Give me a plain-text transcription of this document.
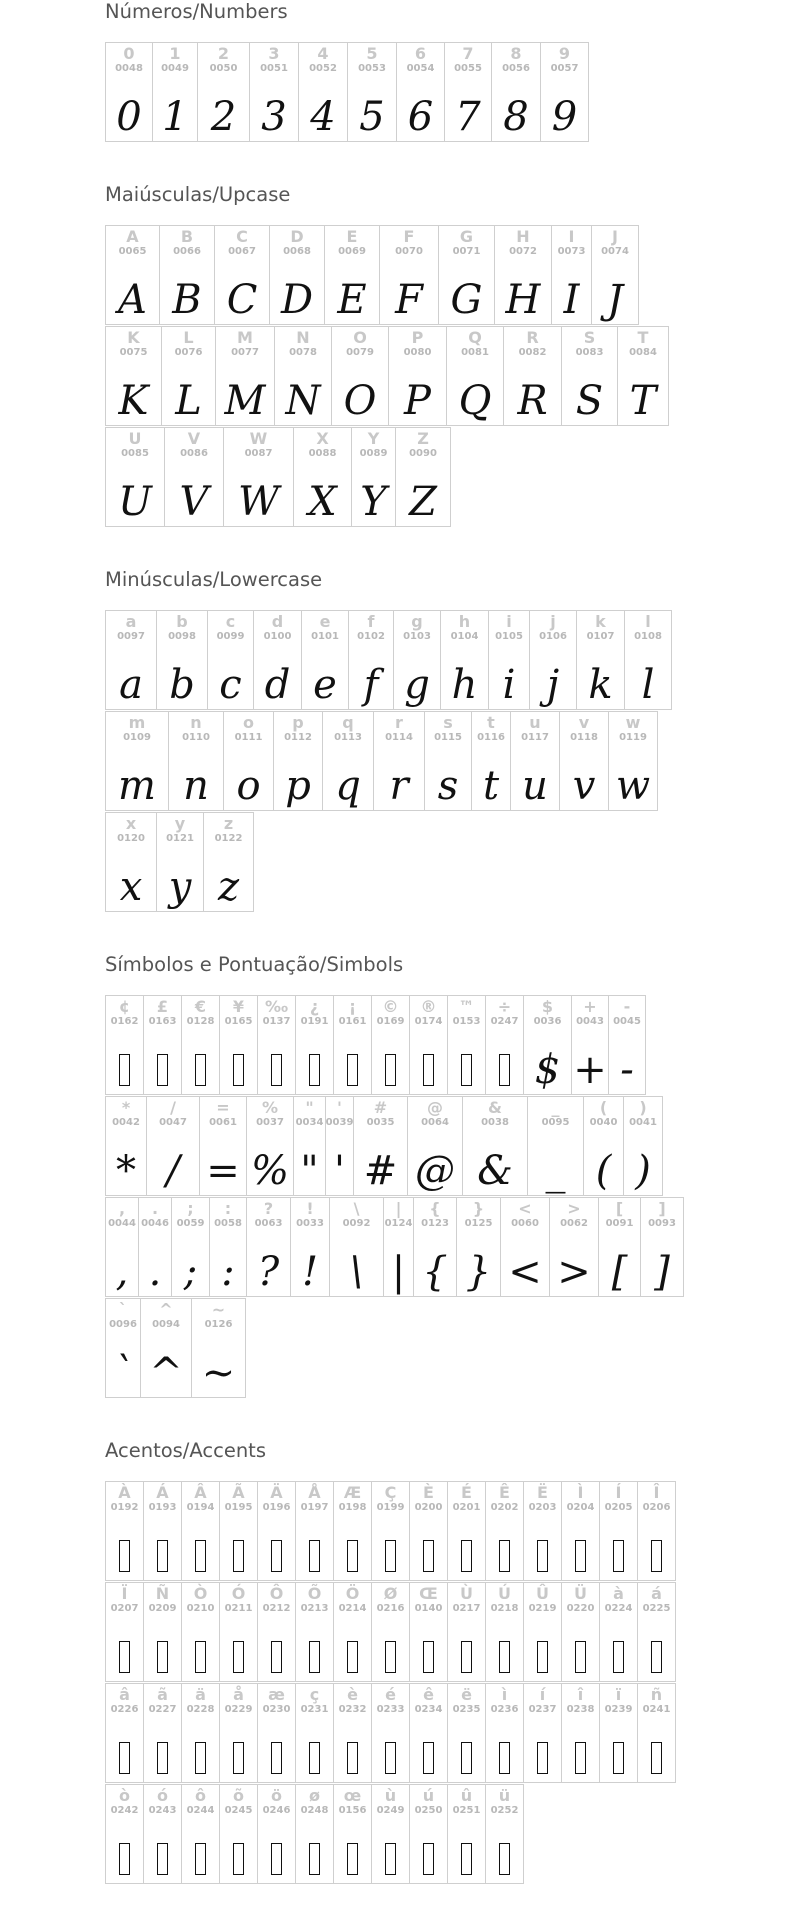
Números/Numbers
0
0048
0
1
0049
1
2
0050
2
3
0051
3
4
0052
4
5
0053
5
6
0054
6
7
0055
7
8
0056
8
9
0057
9
Maiúsculas/Upcase
A
0065
A
B
0066
B
C
0067
C
D
0068
D
E
0069
E
F
0070
F
G
0071
G
H
0072
H
I
0073
I
J
0074
J
K
0075
K
L
0076
L
M
0077
M
N
0078
N
O
0079
O
P
0080
P
Q
0081
Q
R
0082
R
S
0083
S
T
0084
T
U
0085
U
V
0086
V
W
0087
W
X
0088
X
Y
0089
Y
Z
0090
Z
Minúsculas/Lowercase
a
0097
a
b
0098
b
c
0099
c
d
0100
d
e
0101
e
f
0102
f
g
0103
g
h
0104
h
i
0105
i
j
0106
j
k
0107
k
l
0108
l
m
0109
m
n
0110
n
o
0111
o
p
0112
p
q
0113
q
r
0114
r
s
0115
s
t
0116
t
u
0117
u
v
0118
v
w
0119
w
x
0120
x
y
0121
y
z
0122
z
Símbolos e Pontuação/Simbols
¢
0162
£
0163
€
0128
¥
0165
‰
0137
¿
0191
¡
0161
©
0169
®
0174
™
0153
÷
0247
$
0036
$
+
0043
+
-
0045
-
*
0042
*
/
0047
/
=
0061
=
%
0037
%
"
0034
"
'
0039
'
#
0035
#
@
0064
@
&
0038
&
_
0095
_
(
0040
(
)
0041
)
,
0044
,
.
0046
.
;
0059
;
:
0058
:
?
0063
?
!
0033
!
\
0092
\
|
0124
|
{
0123
{
}
0125
}
<
0060
<
>
0062
>
[
0091
[
]
0093
]
`
0096
`
^
0094
^
~
0126
~
Acentos/Accents
À
0192
Á
0193
Â
0194
Ã
0195
Ä
0196
Å
0197
Æ
0198
Ç
0199
È
0200
É
0201
Ê
0202
Ë
0203
Ì
0204
Í
0205
Î
0206
Ï
0207
Ñ
0209
Ò
0210
Ó
0211
Ô
0212
Õ
0213
Ö
0214
Ø
0216
Œ
0140
Ù
0217
Ú
0218
Û
0219
Ü
0220
à
0224
á
0225
â
0226
ã
0227
ä
0228
å
0229
æ
0230
ç
0231
è
0232
é
0233
ê
0234
ë
0235
ì
0236
í
0237
î
0238
ï
0239
ñ
0241
ò
0242
ó
0243
ô
0244
õ
0245
ö
0246
ø
0248
œ
0156
ù
0249
ú
0250
û
0251
ü
0252
